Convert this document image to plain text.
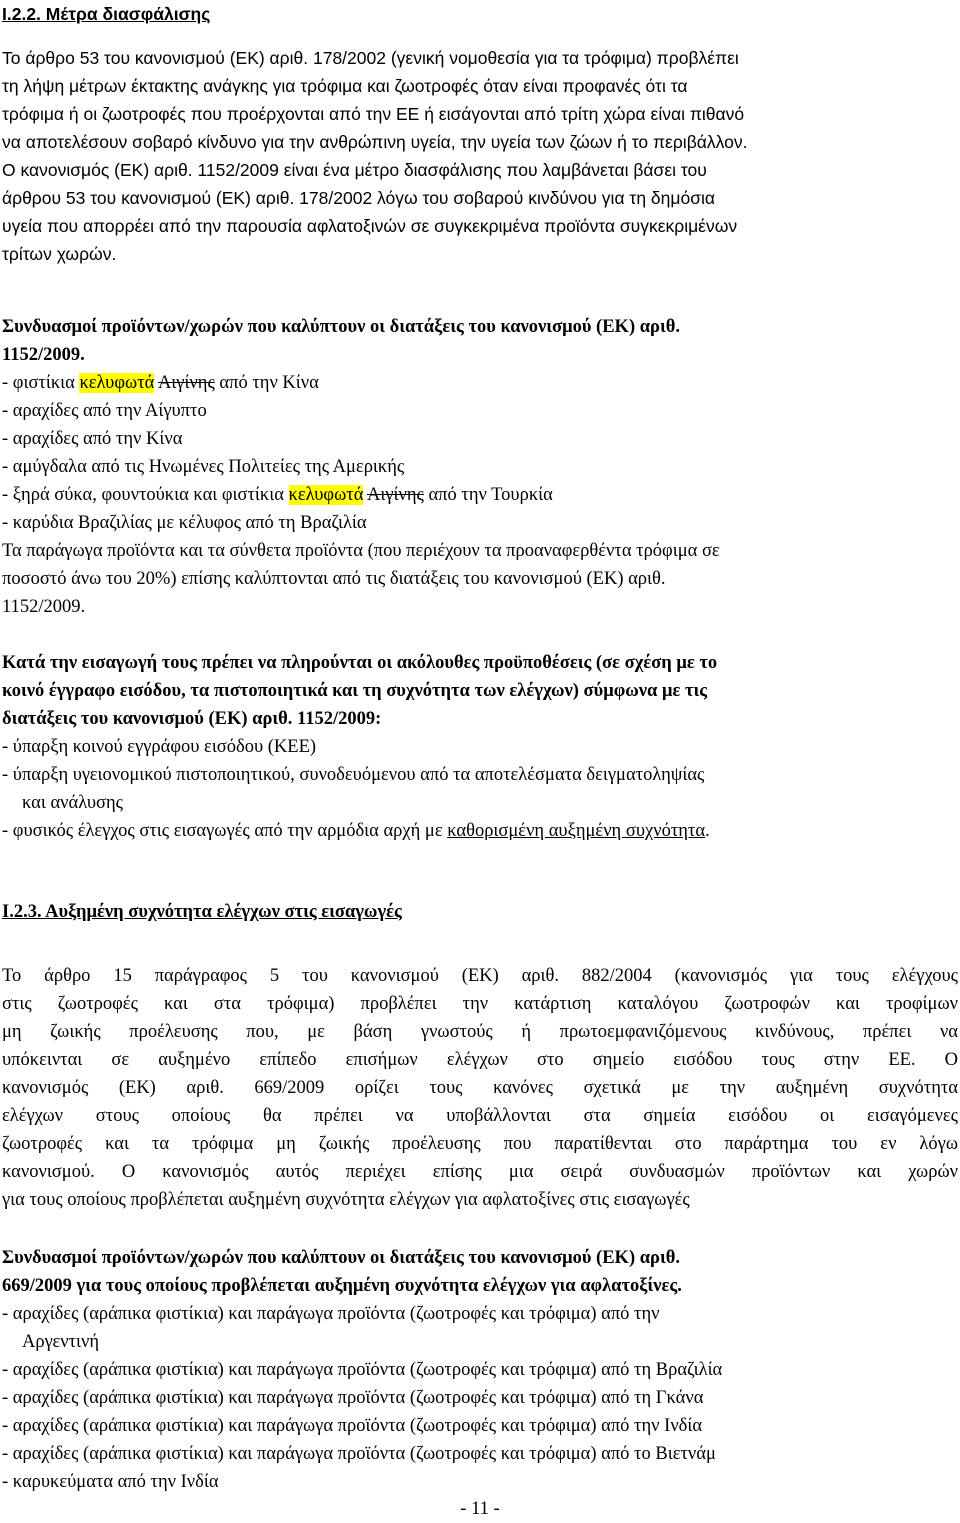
Ι.2.2. Μέτρα διασφάλισης
Το άρθρο 53 του κανονισμού (ΕΚ) αριθ. 178/2002 (γενική νομοθεσία για τα τρόφιμα) προβλέπει
τη λήψη μέτρων έκτακτης ανάγκης για τρόφιμα και ζωοτροφές όταν είναι προφανές ότι τα
τρόφιμα ή οι ζωοτροφές που προέρχονται από την ΕΕ ή εισάγονται από τρίτη χώρα είναι πιθανό
να αποτελέσουν σοβαρό κίνδυνο για την ανθρώπινη υγεία, την υγεία των ζώων ή το περιβάλλον.
Ο κανονισμός (ΕΚ) αριθ. 1152/2009 είναι ένα μέτρο διασφάλισης που λαμβάνεται βάσει του
άρθρου 53 του κανονισμού (ΕΚ) αριθ. 178/2002 λόγω του σοβαρού κινδύνου για τη δημόσια
υγεία που απορρέει από την παρουσία αφλατοξινών σε συγκεκριμένα προϊόντα συγκεκριμένων
τρίτων χωρών.
Συνδυασμοί προϊόντων/χωρών που καλύπτουν οι διατάξεις του κανονισμού (ΕΚ) αριθ.
1152/2009.
- φιστίκια κελυφωτά Αιγίνης από την Κίνα
- αραχίδες από την Αίγυπτο
- αραχίδες από την Κίνα
- αμύγδαλα από τις Ηνωμένες Πολιτείες της Αμερικής
- ξηρά σύκα, φουντούκια και φιστίκια κελυφωτά Αιγίνης από την Τουρκία
- καρύδια Βραζιλίας με κέλυφος από τη Βραζιλία
Τα παράγωγα προϊόντα και τα σύνθετα προϊόντα (που περιέχουν τα προαναφερθέντα τρόφιμα σε
ποσοστό άνω του 20%) επίσης καλύπτονται από τις διατάξεις του κανονισμού (ΕΚ) αριθ.
1152/2009.
Κατά την εισαγωγή τους πρέπει να πληρούνται οι ακόλουθες προϋποθέσεις (σε σχέση με το
κοινό έγγραφο εισόδου, τα πιστοποιητικά και τη συχνότητα των ελέγχων) σύμφωνα με τις
διατάξεις του κανονισμού (ΕΚ) αριθ. 1152/2009:
- ύπαρξη κοινού εγγράφου εισόδου (ΚΕΕ)
- ύπαρξη υγειονομικού πιστοποιητικού, συνοδευόμενου από τα αποτελέσματα δειγματοληψίας
και ανάλυσης
- φυσικός έλεγχος στις εισαγωγές από την αρμόδια αρχή με καθορισμένη αυξημένη συχνότητα.
Ι.2.3. Αυξημένη συχνότητα ελέγχων στις εισαγωγές
Το άρθρο 15 παράγραφος 5 του κανονισμού (ΕΚ) αριθ. 882/2004 (κανονισμός για τους ελέγχους
στις ζωοτροφές και στα τρόφιμα) προβλέπει την κατάρτιση καταλόγου ζωοτροφών και τροφίμων
μη ζωικής προέλευσης που, με βάση γνωστούς ή πρωτοεμφανιζόμενους κινδύνους, πρέπει να
υπόκεινται σε αυξημένο επίπεδο επισήμων ελέγχων στο σημείο εισόδου τους στην ΕΕ. Ο
κανονισμός (ΕΚ) αριθ. 669/2009 ορίζει τους κανόνες σχετικά με την αυξημένη συχνότητα
ελέγχων στους οποίους θα πρέπει να υποβάλλονται στα σημεία εισόδου οι εισαγόμενες
ζωοτροφές και τα τρόφιμα μη ζωικής προέλευσης που παρατίθενται στο παράρτημα του εν λόγω
κανονισμού. Ο κανονισμός αυτός περιέχει επίσης μια σειρά συνδυασμών προϊόντων και χωρών
για τους οποίους προβλέπεται αυξημένη συχνότητα ελέγχων για αφλατοξίνες στις εισαγωγές
Συνδυασμοί προϊόντων/χωρών που καλύπτουν οι διατάξεις του κανονισμού (ΕΚ) αριθ.
669/2009 για τους οποίους προβλέπεται αυξημένη συχνότητα ελέγχων για αφλατοξίνες.
- αραχίδες (αράπικα φιστίκια) και παράγωγα προϊόντα (ζωοτροφές και τρόφιμα) από την
Αργεντινή
- αραχίδες (αράπικα φιστίκια) και παράγωγα προϊόντα (ζωοτροφές και τρόφιμα) από τη Βραζιλία
- αραχίδες (αράπικα φιστίκια) και παράγωγα προϊόντα (ζωοτροφές και τρόφιμα) από τη Γκάνα
- αραχίδες (αράπικα φιστίκια) και παράγωγα προϊόντα (ζωοτροφές και τρόφιμα) από την Ινδία
- αραχίδες (αράπικα φιστίκια) και παράγωγα προϊόντα (ζωοτροφές και τρόφιμα) από το Βιετνάμ
- καρυκεύματα από την Ινδία
- 11 -
